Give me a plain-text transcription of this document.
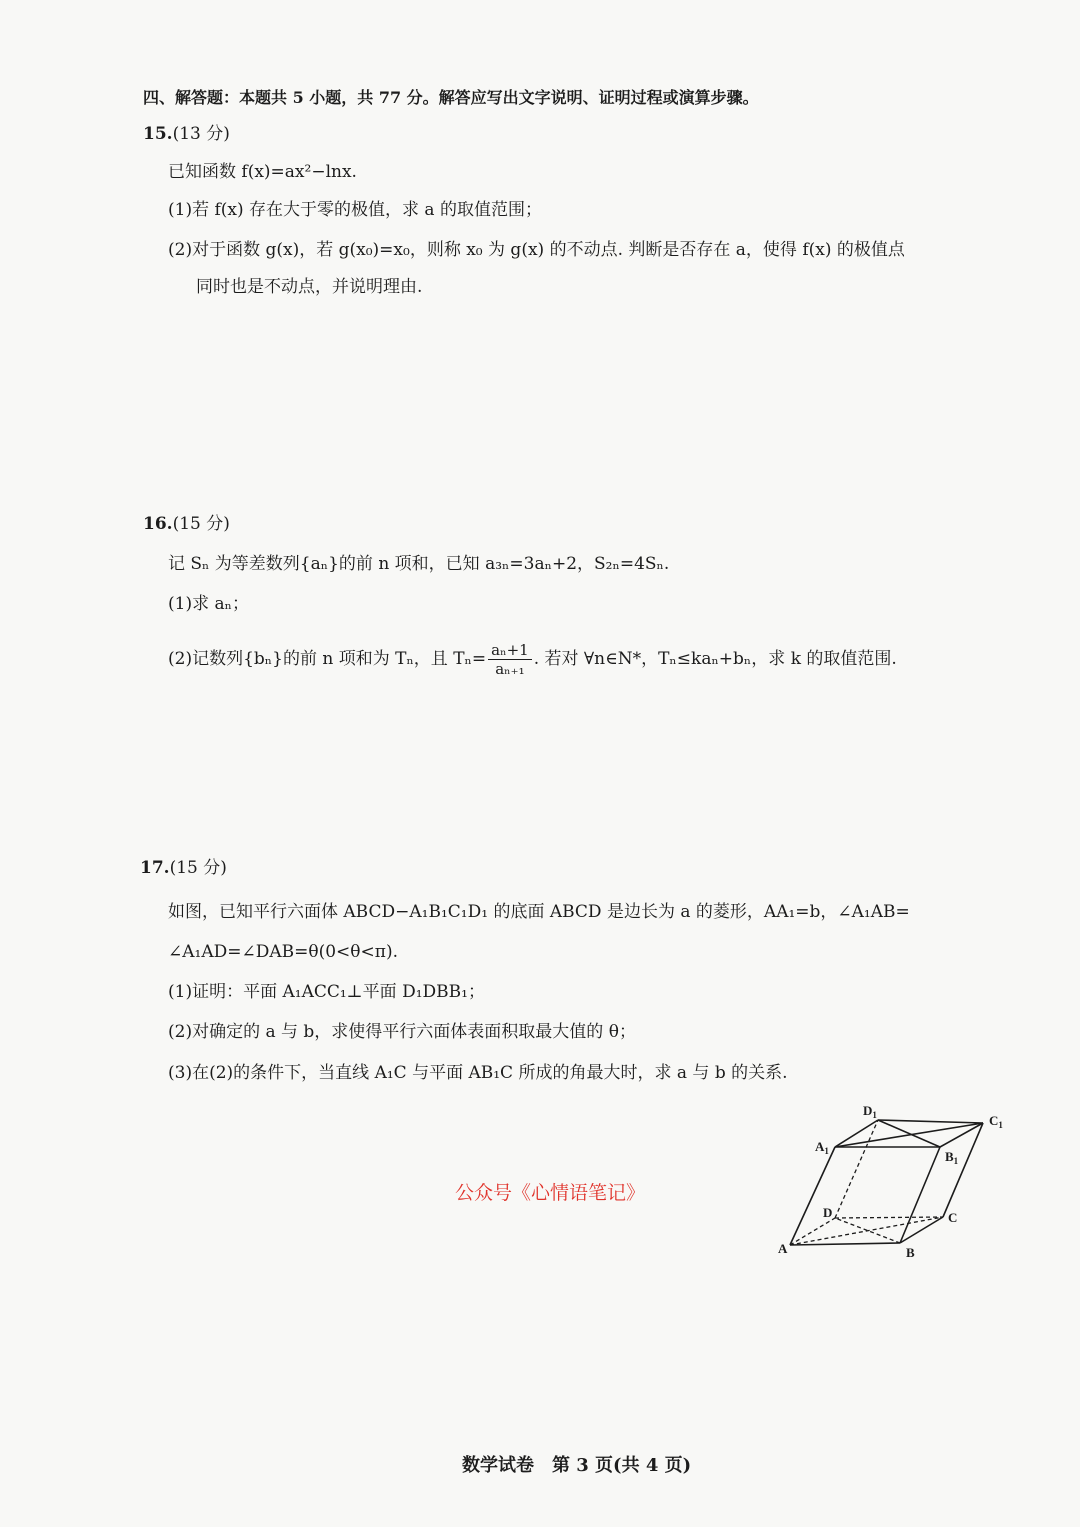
四、解答题：本题共 5 小题，共 77 分。解答应写出文字说明、证明过程或演算步骤。
15.(13 分)
已知函数 f(x)=ax²−lnx.
(1)若 f(x) 存在大于零的极值，求 a 的取值范围；
(2)对于函数 g(x)，若 g(x₀)=x₀，则称 x₀ 为 g(x) 的不动点. 判断是否存在 a，使得 f(x) 的极值点
同时也是不动点，并说明理由.
16.(15 分)
记 Sₙ 为等差数列{aₙ}的前 n 项和，已知 a₃ₙ=3aₙ+2，S₂ₙ=4Sₙ.
(1)求 aₙ；
(2)记数列{bₙ}的前 n 项和为 Tₙ，且 $T_n= \frac{\text{aₙ+1}}{\text{aₙ₊₁}}$ . 若对 ∀n∈N*，Tₙ≤kaₙ+bₙ，求 k 的取值范围.
17.(15 分)
如图，已知平行六面体 ABCD−A₁B₁C₁D₁ 的底面 ABCD 是边长为 a 的菱形，AA₁=b，∠A₁AB=
∠A₁AD=∠DAB=θ(0<θ<π).
(1)证明：平面 A₁ACC₁⊥平面 D₁DBB₁；
(2)对确定的 a 与 b，求使得平行六面体表面积取最大值的 θ；
(3)在(2)的条件下，当直线 A₁C 与平面 AB₁C 所成的角最大时，求 a 与 b 的关系.
$D_1$	$C_1$
$A_1$	$B_1$
D	C
A	B
公众号《心情语笔记》
数学试卷　第 3 页(共 4 页)
